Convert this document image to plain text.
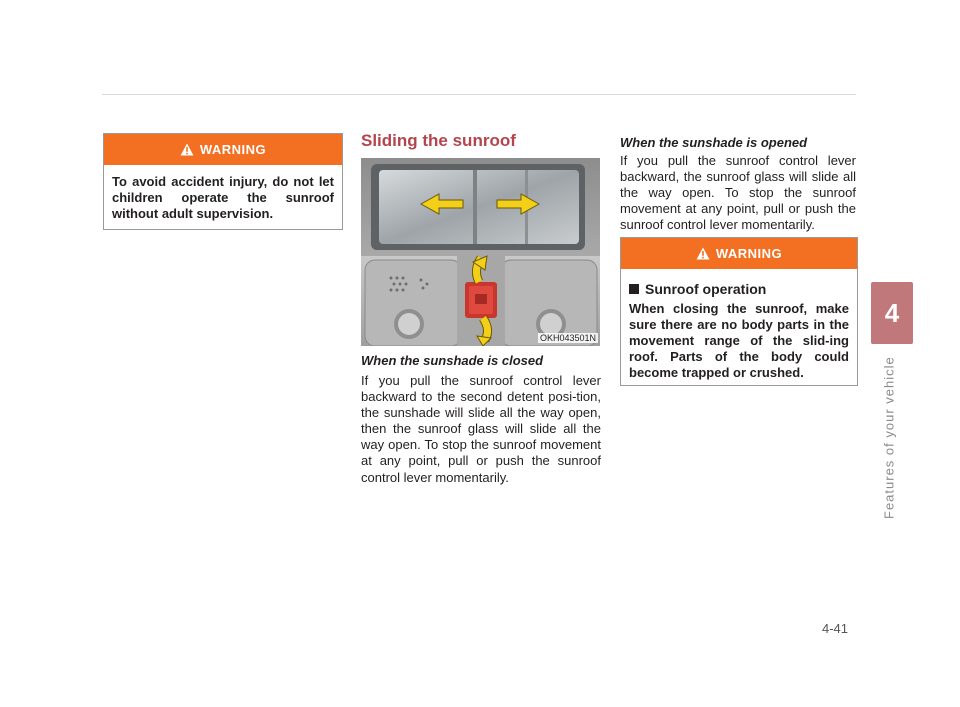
WARNING
To avoid accident injury, do not let children operate the sunroof without adult supervision.
Sliding the sunroof
OKH043501N
When the sunshade is closed
If you pull the sunroof control lever backward to the second detent posi-tion, the sunshade will slide all the way open, then the sunroof glass will slide all the way open. To stop the sunroof movement at any point, pull or push the sunroof control lever momentarily.
When the sunshade is opened
If you pull the sunroof control lever backward, the sunroof glass will slide all the way open. To stop the sunroof movement at any point, pull or push the sunroof control lever momentarily.
WARNING
Sunroof operation
When closing the sunroof, make sure there are no body parts in the movement range of the slid-ing roof. Parts of the body could become trapped or crushed.
4
Features of your vehicle
4-41
